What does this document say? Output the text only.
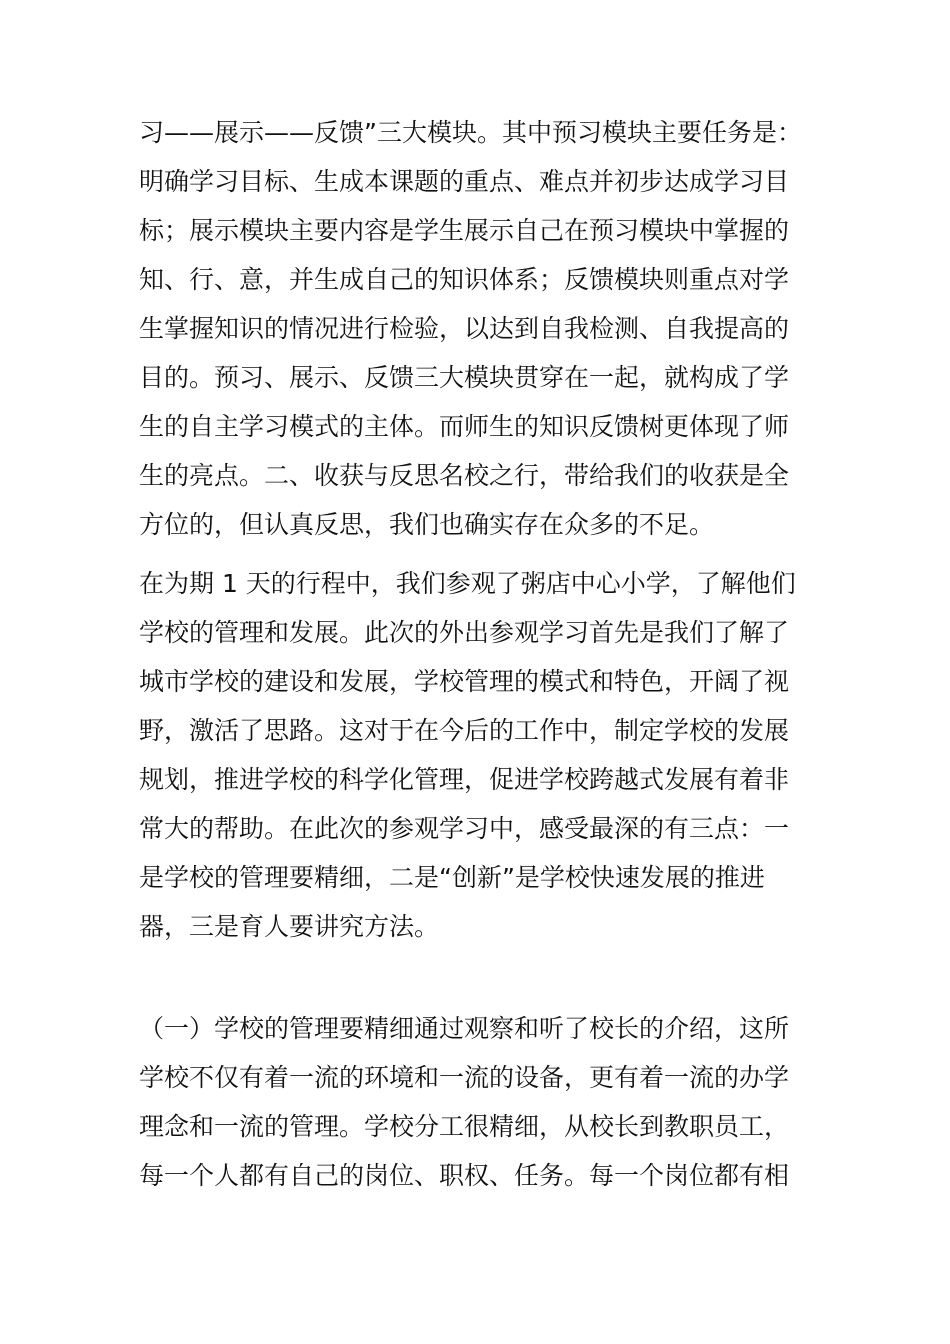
习——展示——反馈”三大模块。其中预习模块主要任务是：
明确学习目标、生成本课题的重点、难点并初步达成学习目
标；展示模块主要内容是学生展示自己在预习模块中掌握的
知、行、意，并生成自己的知识体系；反馈模块则重点对学
生掌握知识的情况进行检验，以达到自我检测、自我提高的
目的。预习、展示、反馈三大模块贯穿在一起，就构成了学
生的自主学习模式的主体。而师生的知识反馈树更体现了师
生的亮点。二、收获与反思名校之行，带给我们的收获是全
方位的，但认真反思，我们也确实存在众多的不足。
在为期 1 天的行程中，我们参观了粥店中心小学，了解他们
学校的管理和发展。此次的外出参观学习首先是我们了解了
城市学校的建设和发展，学校管理的模式和特色，开阔了视
野，激活了思路。这对于在今后的工作中，制定学校的发展
规划，推进学校的科学化管理，促进学校跨越式发展有着非
常大的帮助。在此次的参观学习中，感受最深的有三点：一
是学校的管理要精细，二是“创新”是学校快速发展的推进
器，三是育人要讲究方法。
（一）学校的管理要精细通过观察和听了校长的介绍，这所
学校不仅有着一流的环境和一流的设备，更有着一流的办学
理念和一流的管理。学校分工很精细，从校长到教职员工，
每一个人都有自己的岗位、职权、任务。每一个岗位都有相
